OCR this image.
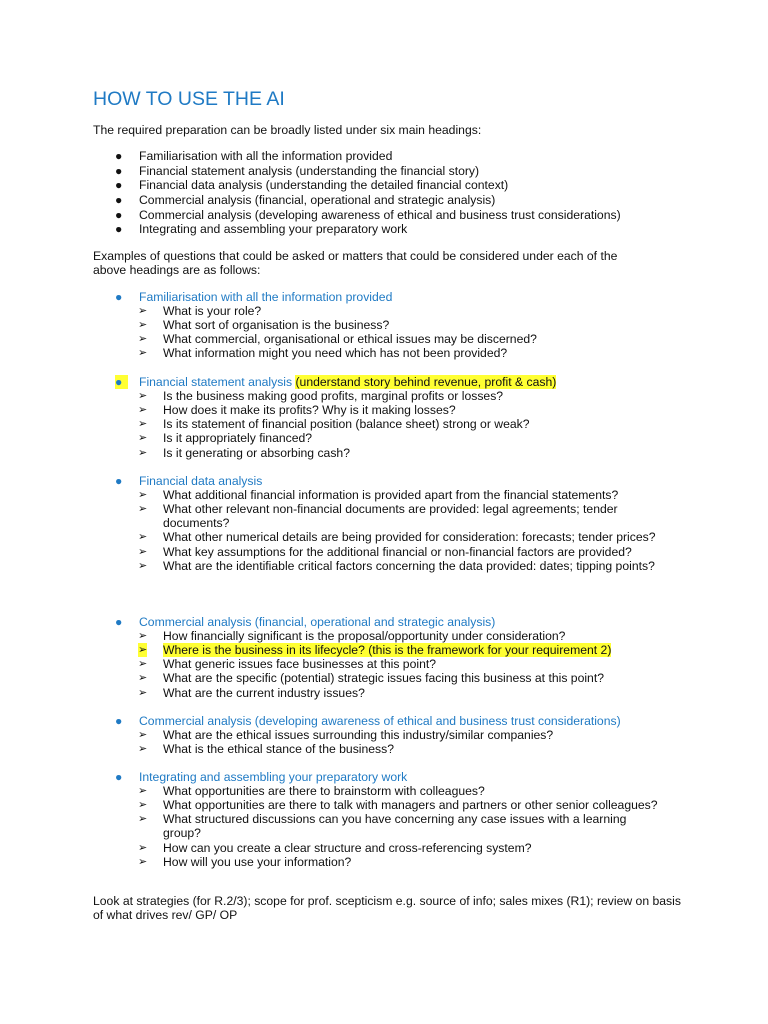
HOW TO USE THE AI
The required preparation can be broadly listed under six main headings:
● Familiarisation with all the information provided
● Financial statement analysis (understanding the financial story)
● Financial data analysis (understanding the detailed financial context)
● Commercial analysis (financial, operational and strategic analysis)
● Commercial analysis (developing awareness of ethical and business trust considerations)
● Integrating and assembling your preparatory work
Examples of questions that could be asked or matters that could be considered under each of the above headings are as follows:
● Familiarisation with all the information provided
➢ What is your role?
➢ What sort of organisation is the business?
➢ What commercial, organisational or ethical issues may be discerned?
➢ What information might you need which has not been provided?
●	Financial statement analysis (understand story behind revenue, profit & cash)
➢ Is the business making good profits, marginal profits or losses?
➢ How does it make its profits? Why is it making losses?
➢ Is its statement of financial position (balance sheet) strong or weak?
➢ Is it appropriately financed?
➢ Is it generating or absorbing cash?
● Financial data analysis
➢ What additional financial information is provided apart from the financial statements?
➢ What other relevant non-financial documents are provided: legal agreements; tender documents?
➢ What other numerical details are being provided for consideration: forecasts; tender prices?
➢ What key assumptions for the additional financial or non-financial factors are provided?
➢ What are the identifiable critical factors concerning the data provided: dates; tipping points?
● Commercial analysis (financial, operational and strategic analysis)
➢ How financially significant is the proposal/opportunity under consideration?
➢ Where is the business in its lifecycle? (this is the framework for your requirement 2)
➢ What generic issues face businesses at this point?
➢ What are the specific (potential) strategic issues facing this business at this point?
➢ What are the current industry issues?
● Commercial analysis (developing awareness of ethical and business trust considerations)
➢ What are the ethical issues surrounding this industry/similar companies?
➢ What is the ethical stance of the business?
● Integrating and assembling your preparatory work
➢ What opportunities are there to brainstorm with colleagues?
➢ What opportunities are there to talk with managers and partners or other senior colleagues?
➢ What structured discussions can you have concerning any case issues with a learning group?
➢ How can you create a clear structure and cross-referencing system?
➢ How will you use your information?
Look at strategies (for R.2/3); scope for prof. scepticism e.g. source of info; sales mixes (R1); review on basis of what drives rev/ GP/ OP
